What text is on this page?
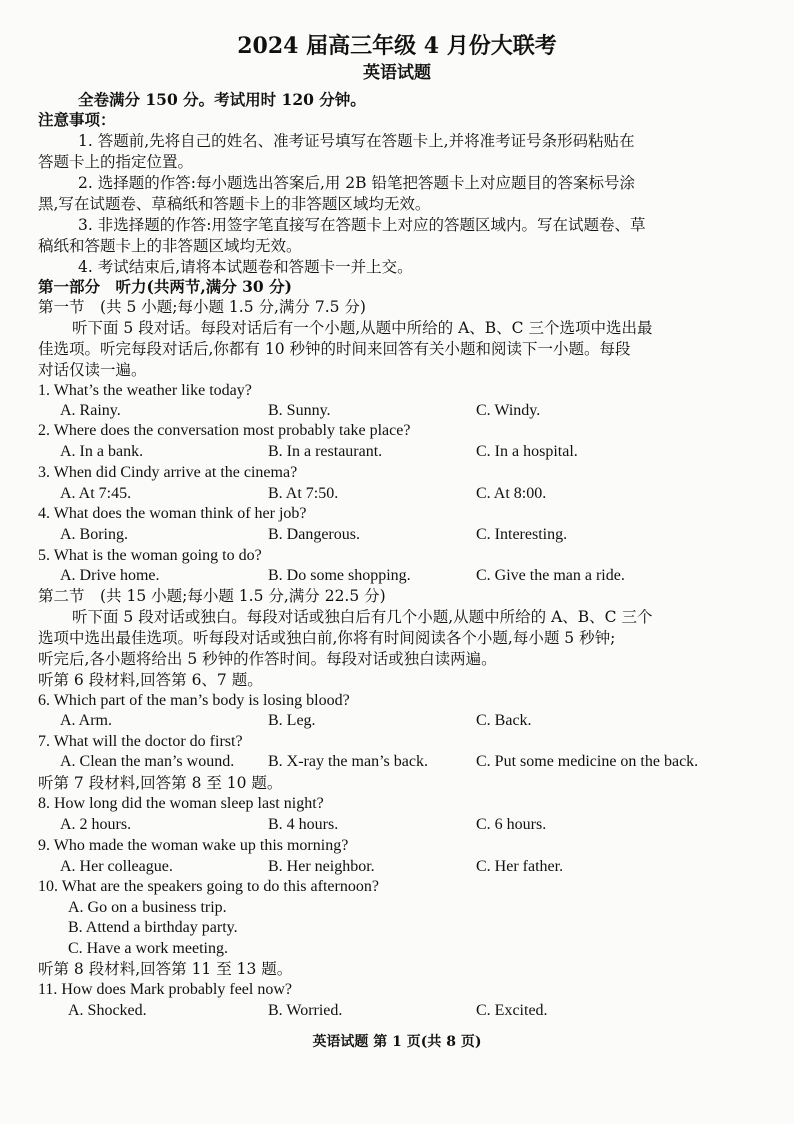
2024 届高三年级 4 月份大联考
英语试题
全卷满分 150 分。考试用时 120 分钟。
注意事项：
1. 答题前,先将自己的姓名、准考证号填写在答题卡上,并将准考证号条形码粘贴在
答题卡上的指定位置。
2. 选择题的作答:每小题选出答案后,用 2B 铅笔把答题卡上对应题目的答案标号涂
黑,写在试题卷、草稿纸和答题卡上的非答题区域均无效。
3. 非选择题的作答:用签字笔直接写在答题卡上对应的答题区域内。写在试题卷、草
稿纸和答题卡上的非答题区域均无效。
4. 考试结束后,请将本试题卷和答题卡一并上交。
第一部分　听力(共两节,满分 30 分)
第一节　(共 5 小题;每小题 1.5 分,满分 7.5 分)
听下面 5 段对话。每段对话后有一个小题,从题中所给的 A、B、C 三个选项中选出最
佳选项。听完每段对话后,你都有 10 秒钟的时间来回答有关小题和阅读下一小题。每段
对话仅读一遍。
1. What’s the weather like today?
A. Rainy.	B. Sunny.	C. Windy.
2. Where does the conversation most probably take place?
A. In a bank.	B. In a restaurant.	C. In a hospital.
3. When did Cindy arrive at the cinema?
A. At 7:45.	B. At 7:50.	C. At 8:00.
4. What does the woman think of her job?
A. Boring.	B. Dangerous.	C. Interesting.
5. What is the woman going to do?
A. Drive home.	B. Do some shopping.	C. Give the man a ride.
第二节　(共 15 小题;每小题 1.5 分,满分 22.5 分)
听下面 5 段对话或独白。每段对话或独白后有几个小题,从题中所给的 A、B、C 三个
选项中选出最佳选项。听每段对话或独白前,你将有时间阅读各个小题,每小题 5 秒钟;
听完后,各小题将给出 5 秒钟的作答时间。每段对话或独白读两遍。
听第 6 段材料,回答第 6、7 题。
6. Which part of the man’s body is losing blood?
A. Arm.	B. Leg.	C. Back.
7. What will the doctor do first?
A. Clean the man’s wound. B. X-ray the man’s back.	C. Put some medicine on the back.
听第 7 段材料,回答第 8 至 10 题。
8. How long did the woman sleep last night?
A. 2 hours.	B. 4 hours.	C. 6 hours.
9. Who made the woman wake up this morning?
A. Her colleague.	B. Her neighbor.	C. Her father.
10. What are the speakers going to do this afternoon?
A. Go on a business trip.
B. Attend a birthday party.
C. Have a work meeting.
听第 8 段材料,回答第 11 至 13 题。
11. How does Mark probably feel now?
A. Shocked.	B. Worried.	C. Excited.
英语试题 第 1 页(共 8 页)
